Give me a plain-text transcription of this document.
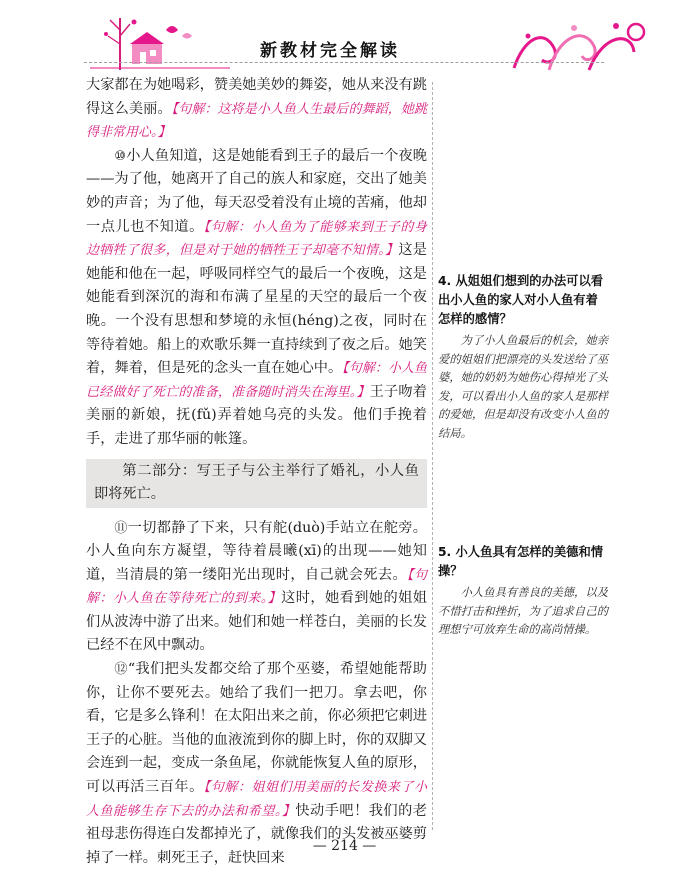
新教材完全解读

大家都在为她喝彩，赞美她美妙的舞姿，她从来没有跳得这么美丽。【句解：这将是小人鱼人生最后的舞蹈，她跳得非常用心。】

⑩小人鱼知道，这是她能看到王子的最后一个夜晚——为了他，她离开了自己的族人和家庭，交出了她美妙的声音；为了他，每天忍受着没有止境的苦痛，他却一点儿也不知道。【句解：小人鱼为了能够来到王子的身边牺牲了很多，但是对于她的牺牲王子却毫不知情。】这是她能和他在一起，呼吸同样空气的最后一个夜晚，这是她能看到深沉的海和布满了星星的天空的最后一个夜晚。一个没有思想和梦境的永恒(héng)之夜，同时在等待着她。船上的欢歌乐舞一直持续到了夜之后。她笑着，舞着，但是死的念头一直在她心中。【句解：小人鱼已经做好了死亡的准备，准备随时消失在海里。】王子吻着美丽的新娘，抚(fǔ)弄着她乌亮的头发。他们手挽着手，走进了那华丽的帐篷。

第二部分：写王子与公主举行了婚礼，小人鱼即将死亡。

⑪一切都静了下来，只有舵(duò)手站立在舵旁。小人鱼向东方凝望，等待着晨曦(xī)的出现——她知道，当清晨的第一缕阳光出现时，自己就会死去。【句解：小人鱼在等待死亡的到来。】这时，她看到她的姐姐们从波涛中游了出来。她们和她一样苍白，美丽的长发已经不在风中飘动。

⑫“我们把头发都交给了那个巫婆，希望她能帮助你，让你不要死去。她给了我们一把刀。拿去吧，你看，它是多么锋利！在太阳出来之前，你必须把它刺进王子的心脏。当他的血液流到你的脚上时，你的双脚又会连到一起，变成一条鱼尾，你就能恢复人鱼的原形，可以再活三百年。【句解：姐姐们用美丽的长发换来了小人鱼能够生存下去的办法和希望。】快动手吧！我们的老祖母悲伤得连白发都掉光了，就像我们的头发被巫婆剪掉了一样。刺死王子，赶快回来

4. 从姐姐们想到的办法可以看出小人鱼的家人对小人鱼有着怎样的感情？
为了小人鱼最后的机会，她亲爱的姐姐们把漂亮的头发送给了巫婆，她的奶奶为她伤心得掉光了头发，可以看出小人鱼的家人是那样的爱她，但是却没有改变小人鱼的结局。
5. 小人鱼具有怎样的美德和情操？
小人鱼具有善良的美德，以及不惜打击和挫折，为了追求自己的理想宁可放弃生命的高尚情操。
— 214 —
